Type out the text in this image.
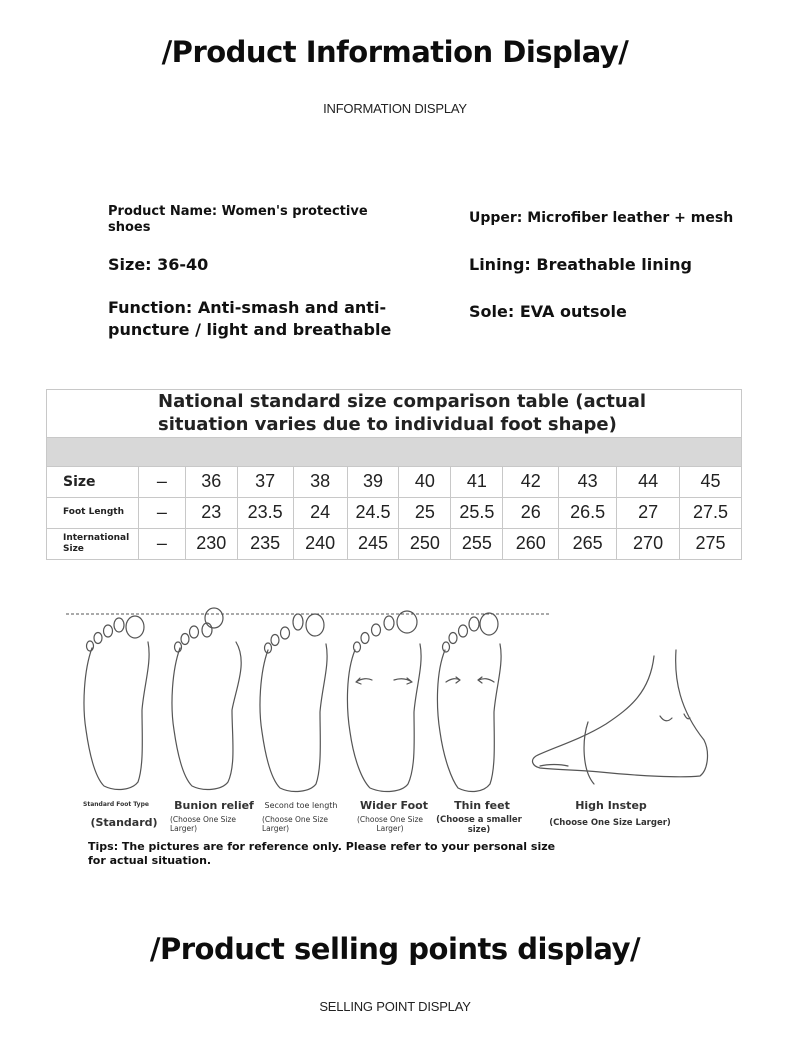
/Product Information Display/
INFORMATION DISPLAY
Product Name: Women's protective shoes
Size: 36-40
Function: Anti-smash and anti-puncture / light and breathable
Upper: Microfiber leather + mesh
Lining: Breathable lining
Sole: EVA outsole
National standard size comparison table (actual situation varies due to individual foot shape)											

Size	–	36	37	38	39	40	41	42	43	44	45
Foot Length	–	23	23.5	24	24.5	25	25.5	26	26.5	27	27.5
International Size	–	230	235	240	245	250	255	260	265	270	275
Standard Foot Type
(Standard)
Bunion relief
(Choose One Size Larger)
Second toe length
(Choose One Size Larger)
Wider Foot
(Choose One Size Larger)
Thin feet
(Choose a smaller size)
High Instep
(Choose One Size Larger)
Tips: The pictures are for reference only. Please refer to your personal size for actual situation.
/Product selling points display/
SELLING POINT DISPLAY
